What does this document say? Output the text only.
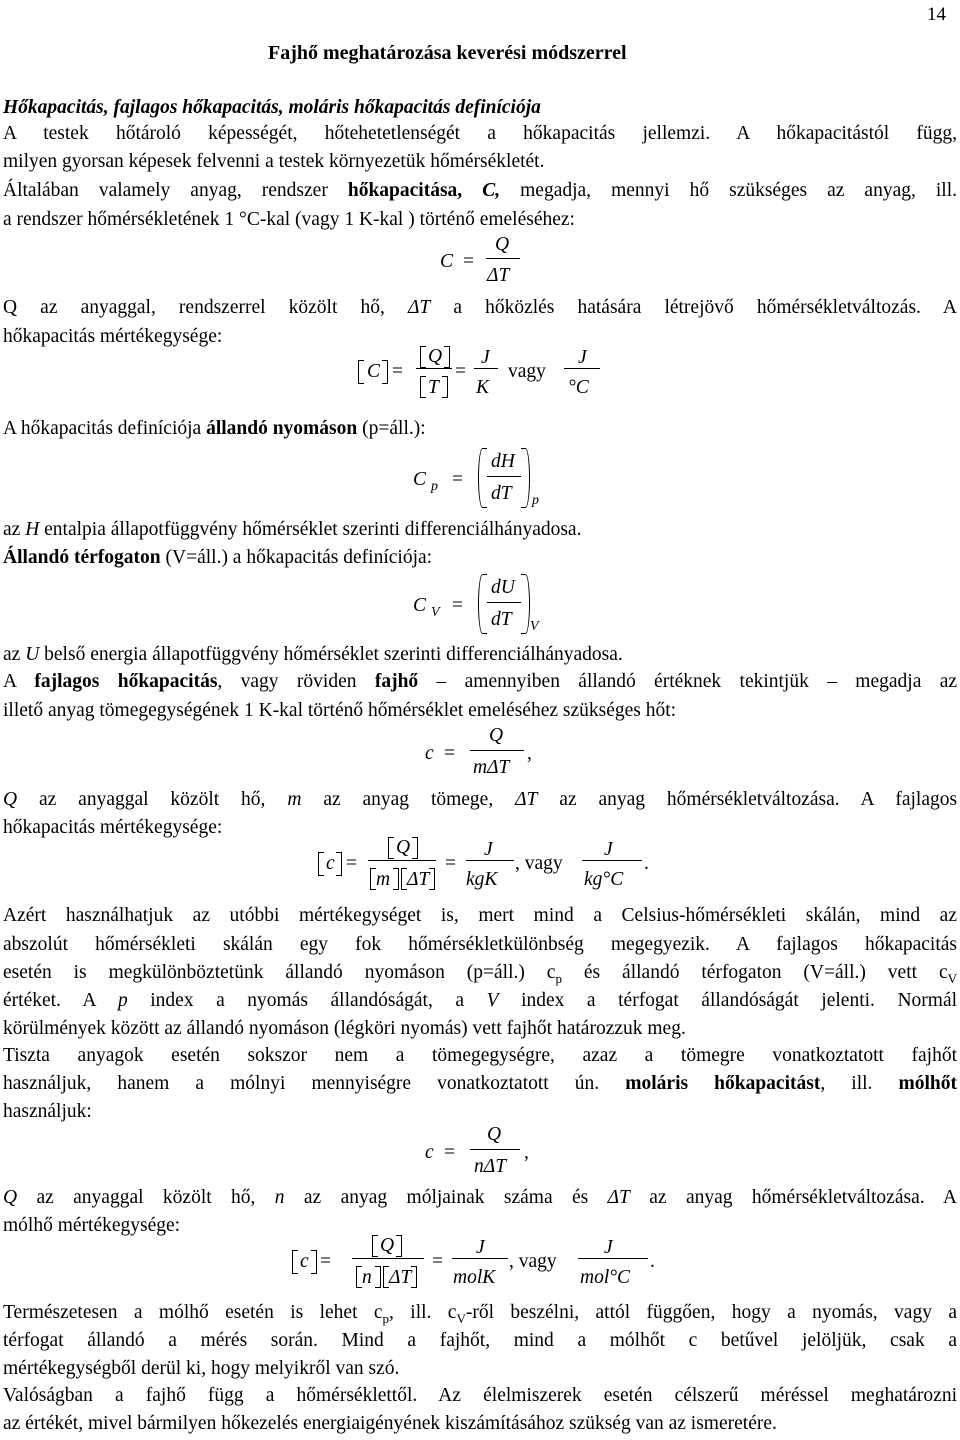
14
Fajhő meghatározása keverési módszerrel
Hőkapacitás, fajlagos hőkapacitás, moláris hőkapacitás definíciója
A testek hőtároló képességét, hőtehetetlenségét a hőkapacitás jellemzi. A hőkapacitástól függ,
milyen gyorsan képesek felvenni a testek környezetük hőmérsékletét.
Általában valamely anyag, rendszer hőkapacitása, C, megadja, mennyi hő szükséges az anyag, ill.
a rendszer hőmérsékletének 1 °C-kal (vagy 1 K-kal ) történő emeléséhez:
C =
Q
ΔT
Q az anyaggal, rendszerrel közölt hő, ΔT a hőközlés hatására létrejövő hőmérsékletváltozás. A
hőkapacitás mértékegysége:
C =
Q
T
=
J
K
vagy
J
°C
A hőkapacitás definíciója állandó nyomáson (p=áll.):
C p =
dH
dT p
az H entalpia állapotfüggvény hőmérséklet szerinti differenciálhányadosa.
Állandó térfogaton (V=áll.) a hőkapacitás definíciója:
C V =
dU
dT V
az U belső energia állapotfüggvény hőmérséklet szerinti differenciálhányadosa.
A fajlagos hőkapacitás, vagy röviden fajhő – amennyiben állandó értéknek tekintjük – megadja az
illető anyag tömegegységének 1 K-kal történő hőmérséklet emeléséhez szükséges hőt:
c =
Q
mΔT
,
Q az anyaggal közölt hő, m az anyag tömege, ΔT az anyag hőmérsékletváltozása. A fajlagos
hőkapacitás mértékegysége:
c =
Q
m ΔT
=
J
kgK
, vagy
J
kg°C
.
Azért használhatjuk az utóbbi mértékegységet is, mert mind a Celsius-hőmérsékleti skálán, mind az
abszolút hőmérsékleti skálán egy fok hőmérsékletkülönbség megegyezik. A fajlagos hőkapacitás
esetén is megkülönböztetünk állandó nyomáson (p=áll.) $c_p$ és állandó térfogaton (V=áll.) vett $c_V$
értéket. A p index a nyomás állandóságát, a V index a térfogat állandóságát jelenti. Normál
körülmények között az állandó nyomáson (légköri nyomás) vett fajhőt határozzuk meg.
Tiszta anyagok esetén sokszor nem a tömegegységre, azaz a tömegre vonatkoztatott fajhőt
használjuk, hanem a mólnyi mennyiségre vonatkoztatott ún. moláris hőkapacitást, ill. mólhőt
használjuk:
c =
Q
nΔT
,
Q az anyaggal közölt hő, n az anyag móljainak száma és ΔT az anyag hőmérsékletváltozása. A
mólhő mértékegysége:
c =
Q
n ΔT
=
J
molK
, vagy
J
mol°C
.
Természetesen a mólhő esetén is lehet $c_p$, ill. $c_V$-ről beszélni, attól függően, hogy a nyomás, vagy a
térfogat állandó a mérés során. Mind a fajhőt, mind a mólhőt c betűvel jelöljük, csak a
mértékegységből derül ki, hogy melyikről van szó.
Valóságban a fajhő függ a hőmérséklettől. Az élelmiszerek esetén célszerű méréssel meghatározni
az értékét, mivel bármilyen hőkezelés energiaigényének kiszámításához szükség van az ismeretére.
